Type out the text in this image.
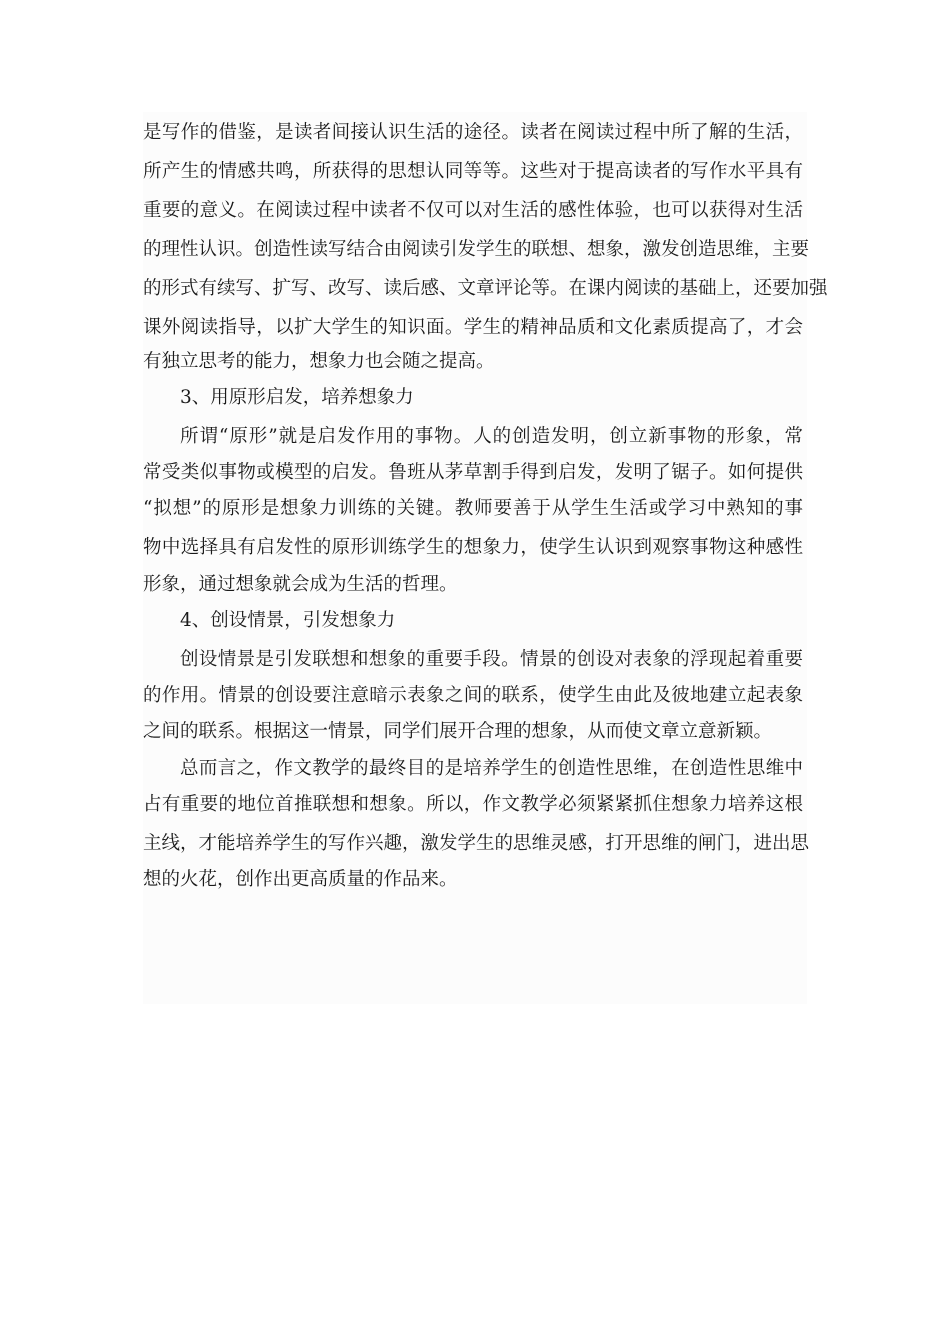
是写作的借鉴，是读者间接认识生活的途径。读者在阅读过程中所了解的生活，

所产生的情感共鸣，所获得的思想认同等等。这些对于提高读者的写作水平具有

重要的意义。在阅读过程中读者不仅可以对生活的感性体验，也可以获得对生活

的理性认识。创造性读写结合由阅读引发学生的联想、想象，激发创造思维，主要

的形式有续写、扩写、改写、读后感、文章评论等。在课内阅读的基础上，还要加强

课外阅读指导，以扩大学生的知识面。学生的精神品质和文化素质提高了，才会

有独立思考的能力，想象力也会随之提高。

3、用原形启发，培养想象力

所谓“原形”就是启发作用的事物。人的创造发明，创立新事物的形象，常

常受类似事物或模型的启发。鲁班从茅草割手得到启发，发明了锯子。如何提供

“拟想”的原形是想象力训练的关键。教师要善于从学生生活或学习中熟知的事

物中选择具有启发性的原形训练学生的想象力，使学生认识到观察事物这种感性

形象，通过想象就会成为生活的哲理。

4、创设情景，引发想象力

创设情景是引发联想和想象的重要手段。情景的创设对表象的浮现起着重要

的作用。情景的创设要注意暗示表象之间的联系，使学生由此及彼地建立起表象

之间的联系。根据这一情景，同学们展开合理的想象，从而使文章立意新颖。

总而言之，作文教学的最终目的是培养学生的创造性思维，在创造性思维中

占有重要的地位首推联想和想象。所以，作文教学必须紧紧抓住想象力培养这根

主线，才能培养学生的写作兴趣，激发学生的思维灵感，打开思维的闸门，进出思

想的火花，创作出更高质量的作品来。
